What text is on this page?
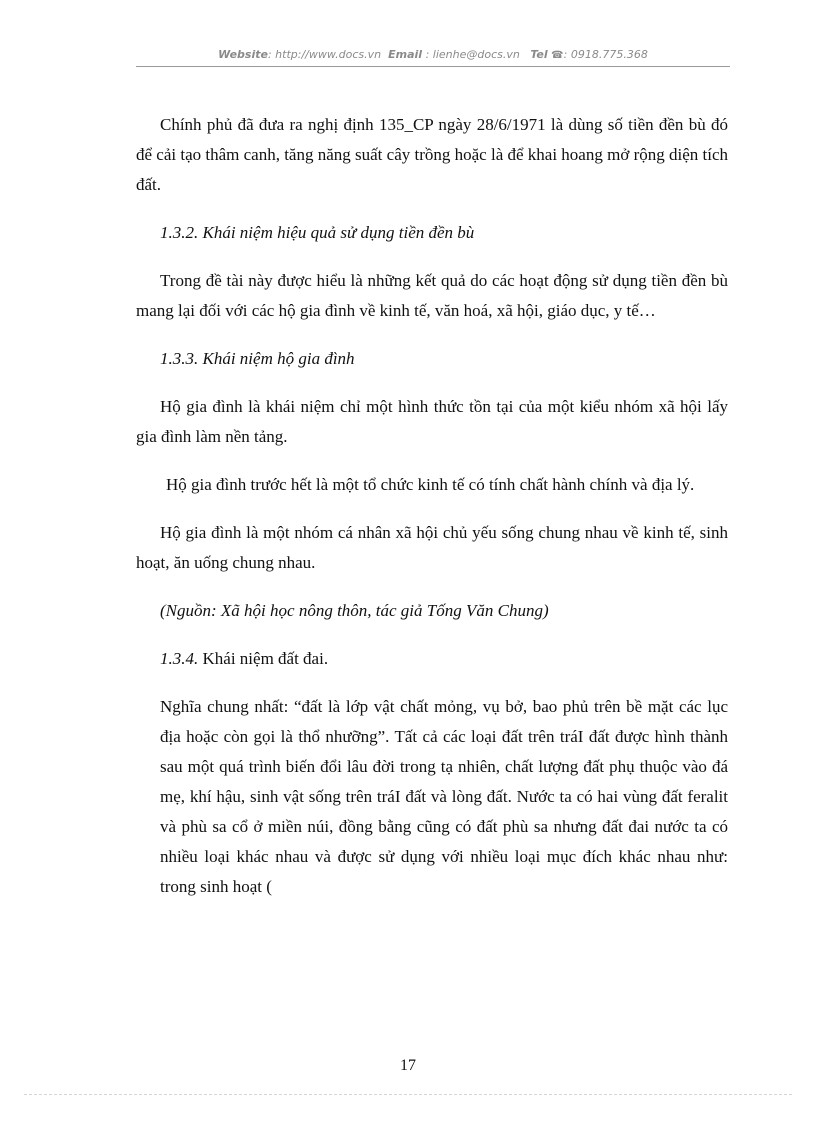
Website: http://www.docs.vn Email : lienhe@docs.vn Tel ☎: 0918.775.368

Chính phủ đã đưa ra nghị định 135_CP ngày 28/6/1971 là dùng số tiền đền bù đó để cải tạo thâm canh, tăng năng suất cây trồng hoặc là để khai hoang mở rộng diện tích đất.

1.3.2. Khái niệm hiệu quả sử dụng tiền đền bù

Trong đề tài này được hiểu là những kết quả do các hoạt động sử dụng tiền đền bù mang lại đối với các hộ gia đình về kinh tế, văn hoá, xã hội, giáo dục, y tế…

1.3.3. Khái niệm hộ gia đình

Hộ gia đình là khái niệm chỉ một hình thức tồn tại của một kiểu nhóm xã hội lấy gia đình làm nền tảng.

Hộ gia đình trước hết là một tổ chức kinh tế có tính chất hành chính và địa lý.

Hộ gia đình là một nhóm cá nhân xã hội chủ yếu sống chung nhau về kinh tế, sinh hoạt, ăn uống chung nhau.

(Nguồn: Xã hội học nông thôn, tác giả Tống Văn Chung)

1.3.4. Khái niệm đất đai.

Nghĩa chung nhất: “đất là lớp vật chất mỏng, vụ bở, bao phủ trên bề mặt các lục địa hoặc còn gọi là thổ nhưỡng”. Tất cả các loại đất trên tráI đất được hình thành sau một quá trình biến đổi lâu đời trong tạ nhiên, chất lượng đất phụ thuộc vào đá mẹ, khí hậu, sinh vật sống trên tráI đất và lòng đất. Nước ta có hai vùng đất feralit và phù sa cổ ở miền núi, đồng bằng cũng có đất phù sa nhưng đất đai nước ta có nhiều loại khác nhau và được sử dụng với nhiều loại mục đích khác nhau như: trong sinh hoạt (

17
